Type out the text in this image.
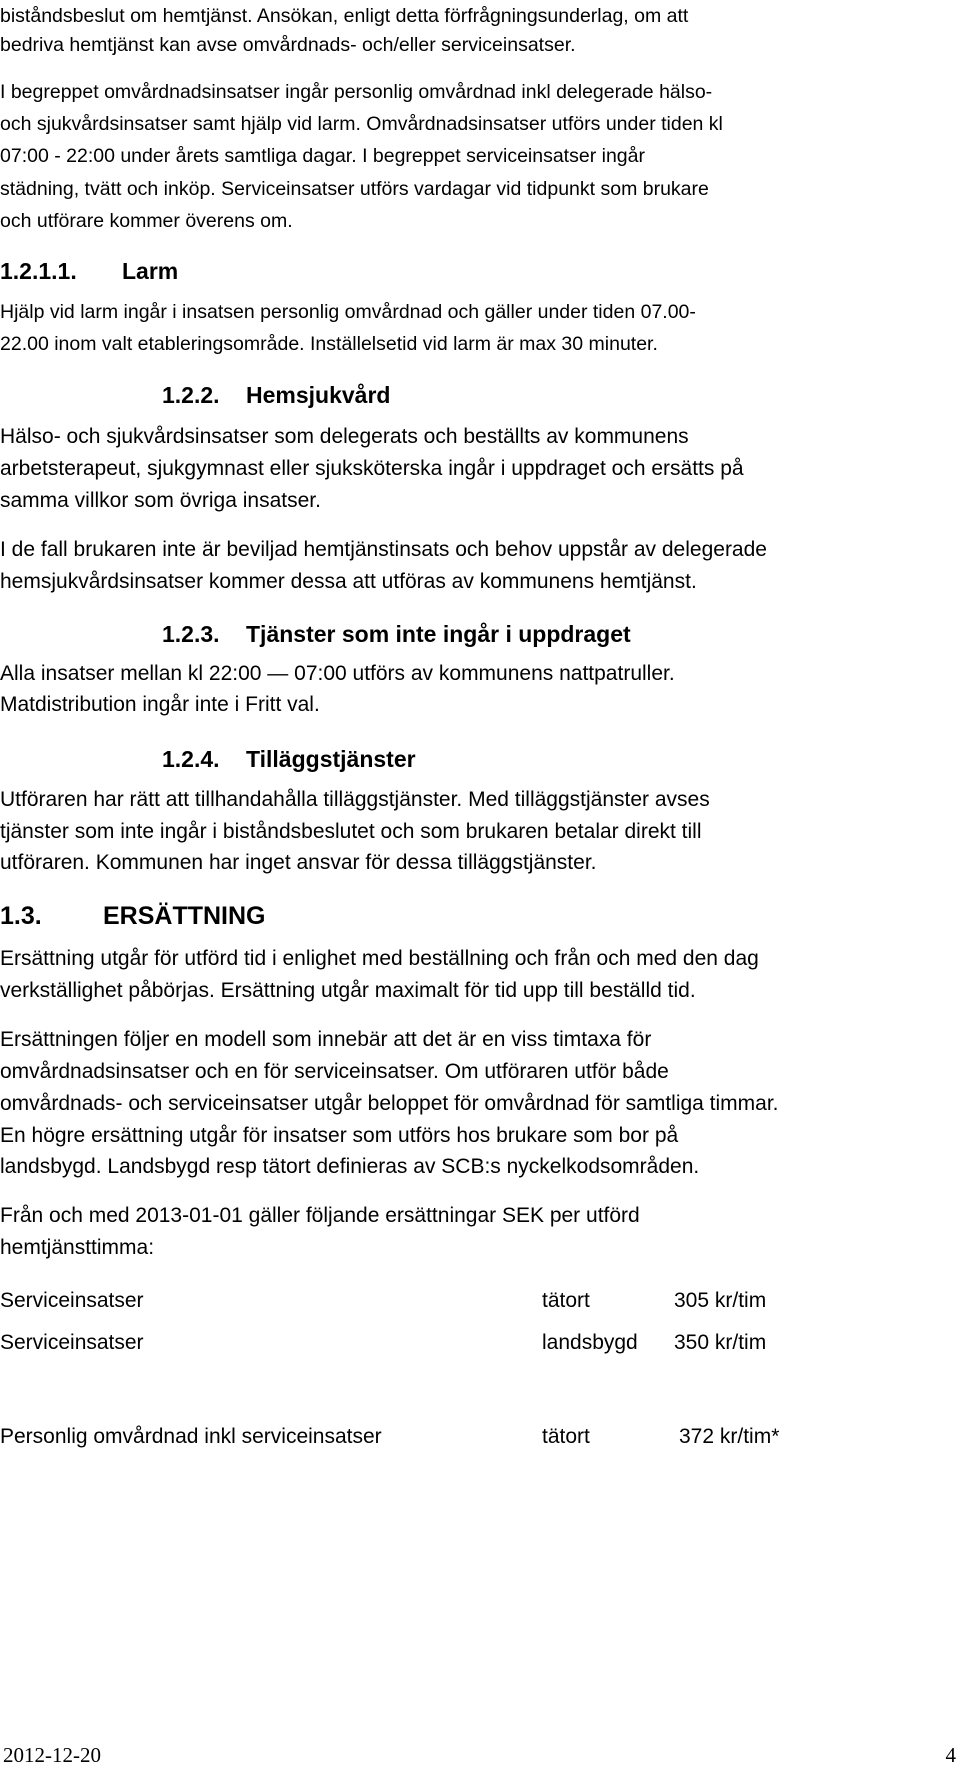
biståndsbeslut om hemtjänst. Ansökan, enligt detta förfrågningsunderlag, om att
bedriva hemtjänst kan avse omvårdnads- och/eller serviceinsatser.
I begreppet omvårdnadsinsatser ingår personlig omvårdnad inkl delegerade hälso-
och sjukvårdsinsatser samt hjälp vid larm. Omvårdnadsinsatser utförs under tiden kl
07:00 - 22:00 under årets samtliga dagar. I begreppet serviceinsatser ingår
städning, tvätt och inköp. Serviceinsatser utförs vardagar vid tidpunkt som brukare
och utförare kommer överens om.
1.2.1.1. Larm
Hjälp vid larm ingår i insatsen personlig omvårdnad och gäller under tiden 07.00-
22.00 inom valt etableringsområde. Inställelsetid vid larm är max 30 minuter.
1.2.2. Hemsjukvård
Hälso- och sjukvårdsinsatser som delegerats och beställts av kommunens
arbetsterapeut, sjukgymnast eller sjuksköterska ingår i uppdraget och ersätts på
samma villkor som övriga insatser.
I de fall brukaren inte är beviljad hemtjänstinsats och behov uppstår av delegerade
hemsjukvårdsinsatser kommer dessa att utföras av kommunens hemtjänst.
1.2.3. Tjänster som inte ingår i uppdraget
Alla insatser mellan kl 22:00 — 07:00 utförs av kommunens nattpatruller.
Matdistribution ingår inte i Fritt val.
1.2.4. Tilläggstjänster
Utföraren har rätt att tillhandahålla tilläggstjänster. Med tilläggstjänster avses
tjänster som inte ingår i biståndsbeslutet och som brukaren betalar direkt till
utföraren. Kommunen har inget ansvar för dessa tilläggstjänster.
1.3. ERSÄTTNING
Ersättning utgår för utförd tid i enlighet med beställning och från och med den dag
verkställighet påbörjas. Ersättning utgår maximalt för tid upp till beställd tid.
Ersättningen följer en modell som innebär att det är en viss timtaxa för
omvårdnadsinsatser och en för serviceinsatser. Om utföraren utför både
omvårdnads- och serviceinsatser utgår beloppet för omvårdnad för samtliga timmar.
En högre ersättning utgår för insatser som utförs hos brukare som bor på
landsbygd. Landsbygd resp tätort definieras av SCB:s nyckelkodsområden.
Från och med 2013-01-01 gäller följande ersättningar SEK per utförd
hemtjänsttimma:
Serviceinsatser	tätort	305 kr/tim
Serviceinsatser	landsbygd 350 kr/tim
Personlig omvårdnad inkl serviceinsatser	tätort	372 kr/tim*
2012-12-20	4
